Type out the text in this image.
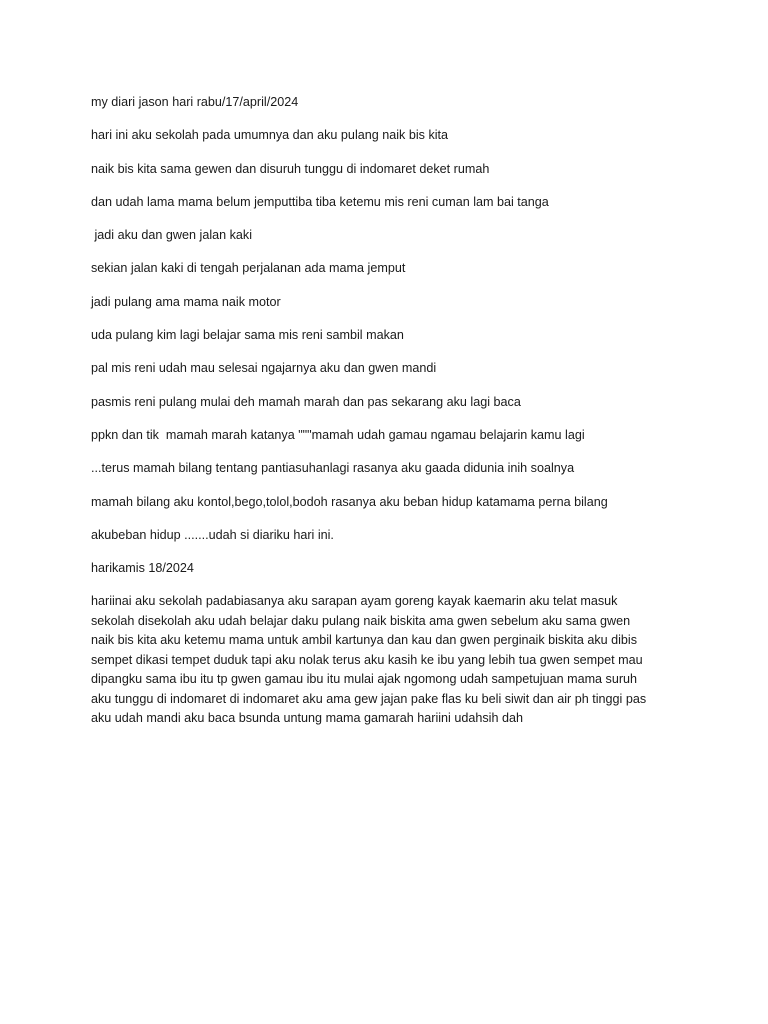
my diari jason hari rabu/17/april/2024
hari ini aku sekolah pada umumnya dan aku pulang naik bis kita
naik bis kita sama gewen dan disuruh tunggu di indomaret deket rumah
dan udah lama mama belum jemputtiba tiba ketemu mis reni cuman lam bai tanga
jadi aku dan gwen jalan kaki
sekian jalan kaki di tengah perjalanan ada mama jemput
jadi pulang ama mama naik motor
uda pulang kim lagi belajar sama mis reni sambil makan
pal mis reni udah mau selesai ngajarnya aku dan gwen mandi
pasmis reni pulang mulai deh mamah marah dan pas sekarang aku lagi baca
ppkn dan tik  mamah marah katanya """mamah udah gamau ngamau belajarin kamu lagi
...terus mamah bilang tentang pantiasuhanlagi rasanya aku gaada didunia inih soalnya
mamah bilang aku kontol,bego,tolol,bodoh rasanya aku beban hidup katamama perna bilang
akubeban hidup .......udah si diariku hari ini.
harikamis 18/2024

hariinai aku sekolah padabiasanya aku sarapan ayam goreng kayak kaemarin aku telat masuk sekolah disekolah aku udah belajar daku pulang naik biskita ama gwen sebelum aku sama gwen naik bis kita aku ketemu mama untuk ambil kartunya dan kau dan gwen perginaik biskita aku dibis sempet dikasi tempet duduk tapi aku nolak terus aku kasih ke ibu yang lebih tua gwen sempet mau dipangku sama ibu itu tp gwen gamau ibu itu mulai ajak ngomong udah sampetujuan mama suruh aku tunggu di indomaret di indomaret aku ama gew jajan pake flas ku beli siwit dan air ph tinggi pas aku udah mandi aku baca bsunda untung mama gamarah hariini udahsih dah
